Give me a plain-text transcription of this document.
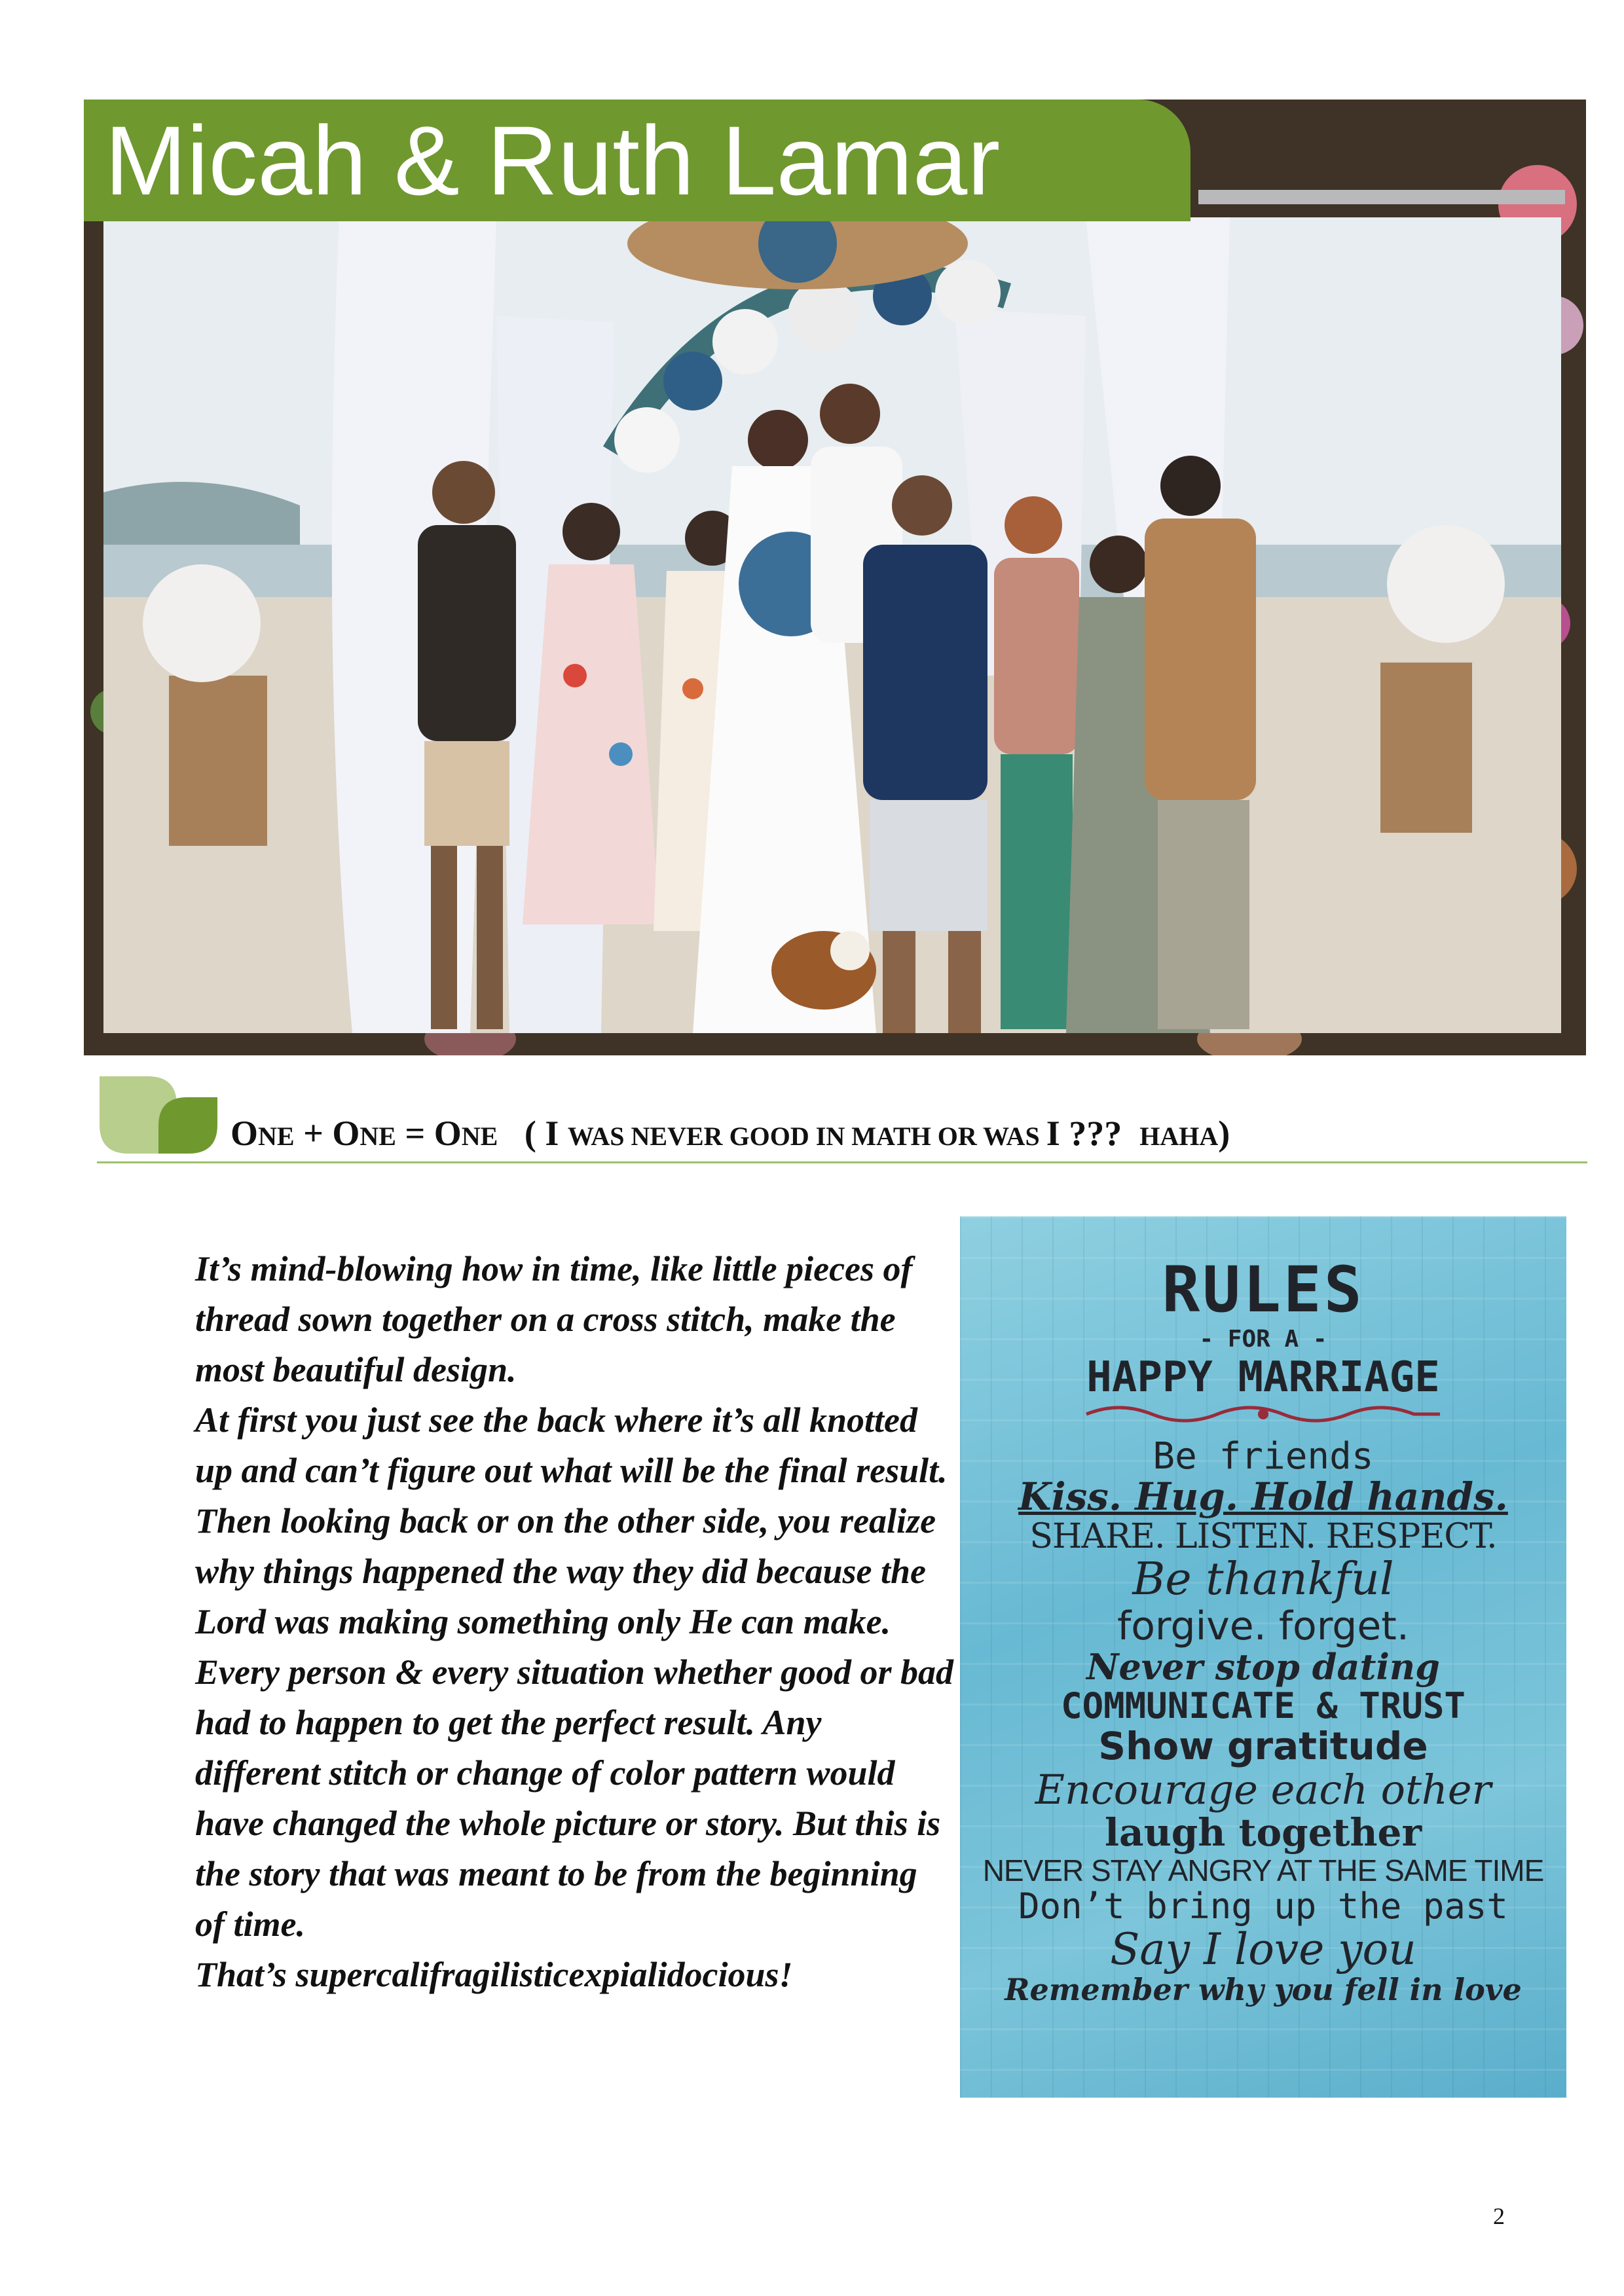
Micah & Ruth Lamar
ONE + ONE = ONE   ( I WAS NEVER GOOD IN MATH OR WAS I ???  HAHA)

It’s mind-blowing how in time, like little pieces of thread sown together on a cross stitch, make the most beautiful design.

At first you just see the back where it’s all knotted up and can’t figure out what will be the final result.

Then looking back or on the other side, you realize why things happened the way they did because the Lord was making something only He can make. Every person & every situation whether good or bad had to happen to get the perfect result. Any different stitch or change of color pattern would have changed the whole picture or story. But this is the story that was meant to be from the beginning of time.

That’s supercalifragilisticexpialidocious!

RULES
- FOR A -
HAPPY MARRIAGE
Be friends
Kiss. Hug. Hold hands.
SHARE. LISTEN. RESPECT.
Be thankful
forgive. forget.
Never stop dating
COMMUNICATE & TRUST
Show gratitude
Encourage each other
laugh together
NEVER STAY ANGRY AT THE SAME TIME
Don’t bring up the past
Say I love you
Remember why you fell in love
2
